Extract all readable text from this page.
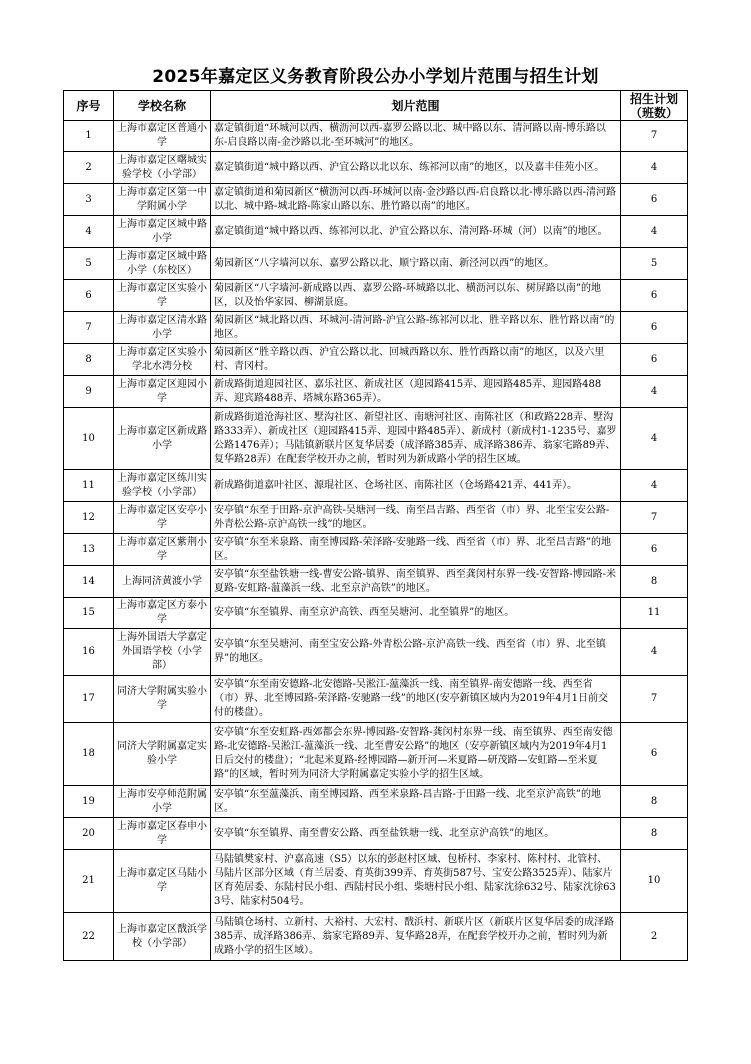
2025年嘉定区义务教育阶段公办小学划片范围与招生计划
序号	学校名称	划片范围	招生计划
（班数）

1	上海市嘉定区普通小学	嘉定镇街道“环城河以西、横沥河以西-嘉罗公路以北、城中路以东、清河路以南-博乐路以东-启良路以南-金沙路以北-至环城河”的地区。	7
2	上海市嘉定区曙城实验学校（小学部）	嘉定镇街道“城中路以西、沪宜公路以北以东、练祁河以南”的地区，以及嘉丰佳苑小区。	4
3	上海市嘉定区第一中学附属小学	嘉定镇街道和菊园新区“横沥河以西-环城河以南-金沙路以西-启良路以北-博乐路以西-清河路以北、城中路-城北路-陈家山路以东、胜竹路以南”的地区。	6
4	上海市嘉定区城中路小学	嘉定镇街道“城中路以西、练祁河以北、沪宜公路以东、清河路-环城（河）以南”的地区。	4
5	上海市嘉定区城中路小学（东校区）	菊园新区“八字墙河以东、嘉罗公路以北、顺宁路以南、新泾河以西”的地区。	5
6	上海市嘉定区实验小学	菊园新区“八字墙河-新成路以西、嘉罗公路-环城路以北、横沥河以东、树屏路以南”的地区，以及怡华家园、柳湖景庭。	6
7	上海市嘉定区清水路小学	菊园新区“城北路以西、环城河-清河路-沪宜公路-练祁河以北、胜辛路以东、胜竹路以南”的地区。	6
8	上海市嘉定区实验小学北水湾分校	菊园新区“胜辛路以西、沪宜公路以北、回城西路以东、胜竹西路以南”的地区，以及六里村、青冈村。	6
9	上海市嘉定区迎园小学	新成路街道迎园社区、嘉乐社区、新成社区（迎园路415弄、迎园路485弄、迎园路488弄、迎宾路488弄、塔城东路365弄）。	4
10	上海市嘉定区新成路小学	新成路街道沧海社区、墅沟社区、新望社区、南塘河社区、南陈社区（和政路228弄、墅沟路333弄）、新成社区（迎园路415弄、迎园中路485弄）、新成村（新成村1-1235号、嘉罗公路1476弄）；马陆镇新联片区复华居委（成泽路385弄、成泽路386弄、翁家宅路89弄、复华路28弄）在配套学校开办之前，暂时列为新成路小学的招生区域。	4
11	上海市嘉定区练川实验学校（小学部）	新成路街道嘉叶社区、源琨社区、仓场社区、南陈社区（仓场路421弄、441弄）。	4
12	上海市嘉定区安亭小学	安亭镇“东至于田路-京沪高铁-吴塘河一线、南至昌吉路、西至省（市）界、北至宝安公路-外青松公路-京沪高铁一线”的地区。	7
13	上海市嘉定区紫荆小学	安亭镇“东至米泉路、南至博园路-荣泽路-安驰路一线、西至省（市）界、北至昌吉路”的地区。	6
14	上海同济黄渡小学	安亭镇“东至盐铁塘一线-曹安公路-镇界、南至镇界、西至龚闵村东界一线-安智路-博园路-米夏路-安虹路-蕰藻浜一线、北至京沪高铁”的地区。	8
15	上海市嘉定区方泰小学	安亭镇“东至镇界、南至京沪高铁、西至吴塘河、北至镇界”的地区。	11
16	上海外国语大学嘉定外国语学校（小学部）	安亭镇“东至吴塘河、南至宝安公路-外青松公路-京沪高铁一线、西至省（市）界、北至镇界”的地区。	4
17	同济大学附属实验小学	安亭镇“东至南安德路-北安德路-吴淞江-蕰藻浜一线、南至镇界-南安德路一线、西至省（市）界、北至博园路-荣泽路-安驰路一线”的地区(安亭新镇区域内为2019年4月1日前交付的楼盘）。	7
18	同济大学附属嘉定实验小学	安亭镇“东至安虹路-西郊都会东界-博园路-安智路-龚闵村东界一线、南至镇界、西至南安德路-北安德路-吴淞江-蕰藻浜一线、北至曹安公路”的地区（安亭新镇区域内为2019年4月1日后交付的楼盘）；“北起米夏路-经博园路—新开河—米夏路—研茂路—安虹路—至米夏路”的区域，暂时列为同济大学附属嘉定实验小学的招生区域。	6
19	上海市安亭师范附属小学	安亭镇“东至蕰藻浜、南至博园路、西至米泉路-昌吉路-于田路一线、北至京沪高铁”的地区。	8
20	上海市嘉定区春申小学	安亭镇“东至镇界、南至曹安公路、西至盐铁塘一线、北至京沪高铁”的地区。	8
21	上海市嘉定区马陆小学	马陆镇樊家村、沪嘉高速（S5）以东的彭赵村区域、包桥村、李家村、陈村村、北管村、马陆片区部分区域（育兰居委、育英街399弄、育英街587号、宝安公路3525弄）、陆家片区育苑居委、东陆村民小组、西陆村民小组、柴塘村民小组、陆家沈徐632号、陆家沈徐633号、陆家村504号。	10
22	上海市嘉定区戬浜学校（小学部）	马陆镇仓场村、立新村、大裕村、大宏村、戬浜村、新联片区（新联片区复华居委的成泽路385弄、成泽路386弄、翁家宅路89弄、复华路28弄，在配套学校开办之前，暂时列为新成路小学的招生区域）。	2
